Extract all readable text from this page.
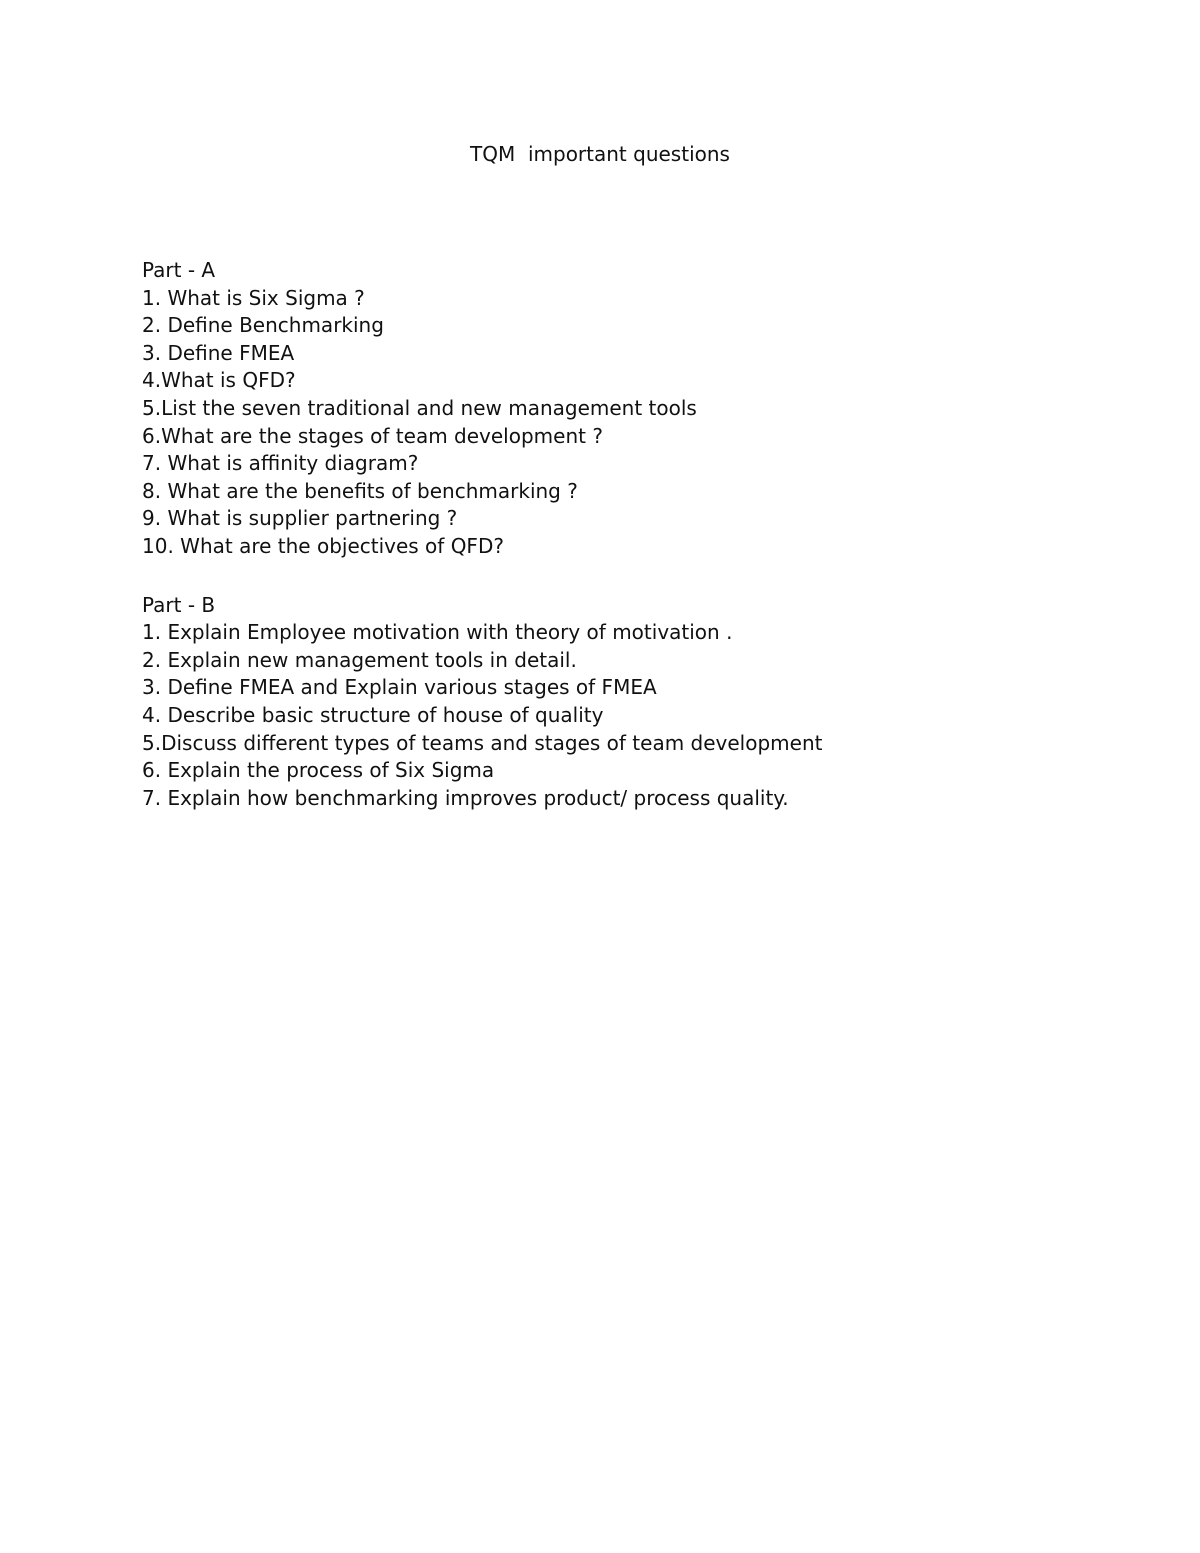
TQM  important questions
Part - A
1. What is Six Sigma ?
2. Define Benchmarking
3. Define FMEA
4.What is QFD?
5.List the seven traditional and new management tools
6.What are the stages of team development ?
7. What is affinity diagram?
8. What are the benefits of benchmarking ?
9. What is supplier partnering ?
10. What are the objectives of QFD?
Part - B
1. Explain Employee motivation with theory of motivation .
2. Explain new management tools in detail.
3. Define FMEA and Explain various stages of FMEA
4. Describe basic structure of house of quality
5.Discuss different types of teams and stages of team development
6. Explain the process of Six Sigma
7. Explain how benchmarking improves product/ process quality.
